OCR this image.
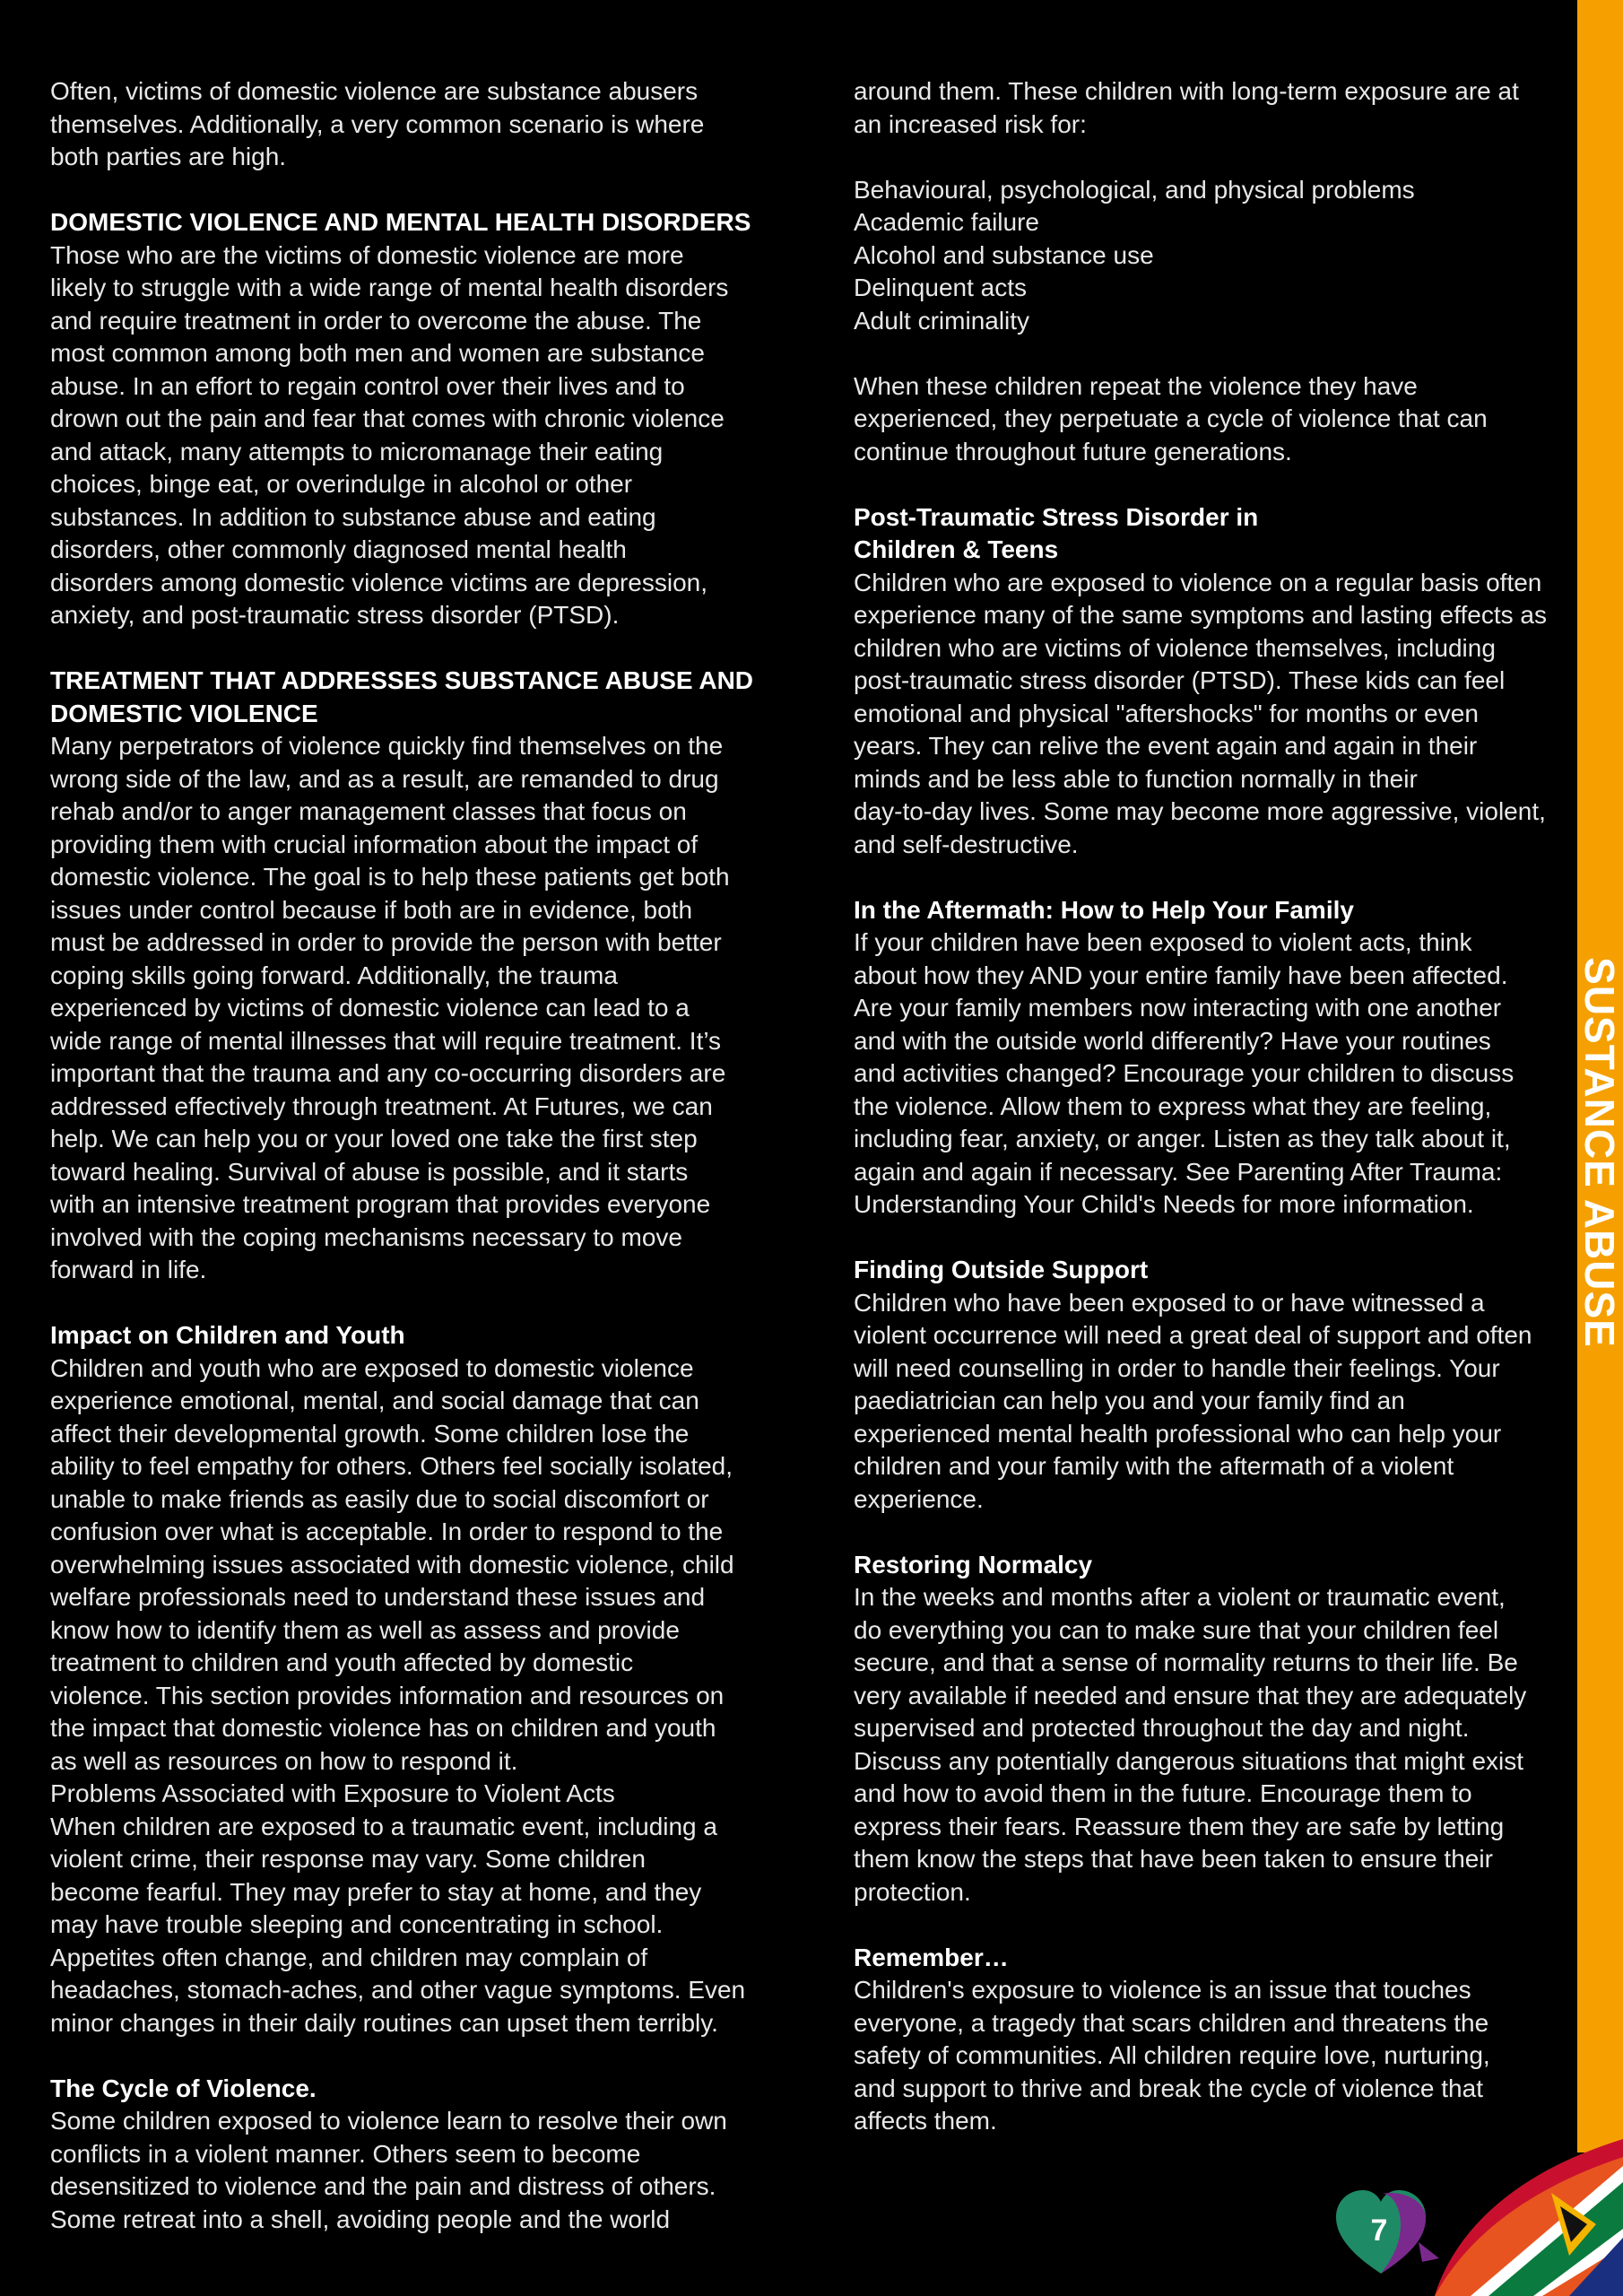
Often, victims of domestic violence are substance abusers
themselves. Additionally, a very common scenario is where
both parties are high.
DOMESTIC VIOLENCE AND MENTAL HEALTH DISORDERS
Those who are the victims of domestic violence are more
likely to struggle with a wide range of mental health disorders
and require treatment in order to overcome the abuse. The
most common among both men and women are substance
abuse. In an effort to regain control over their lives and to
drown out the pain and fear that comes with chronic violence
and attack, many attempts to micromanage their eating
choices, binge eat, or overindulge in alcohol or other
substances. In addition to substance abuse and eating
disorders, other commonly diagnosed mental health
disorders among domestic violence victims are depression,
anxiety, and post-traumatic stress disorder (PTSD).
TREATMENT THAT ADDRESSES SUBSTANCE ABUSE AND
DOMESTIC VIOLENCE
Many perpetrators of violence quickly find themselves on the
wrong side of the law, and as a result, are remanded to drug
rehab and/or to anger management classes that focus on
providing them with crucial information about the impact of
domestic violence. The goal is to help these patients get both
issues under control because if both are in evidence, both
must be addressed in order to provide the person with better
coping skills going forward. Additionally, the trauma
experienced by victims of domestic violence can lead to a
wide range of mental illnesses that will require treatment. It’s
important that the trauma and any co-occurring disorders are
addressed effectively through treatment. At Futures, we can
help. We can help you or your loved one take the first step
toward healing. Survival of abuse is possible, and it starts
with an intensive treatment program that provides everyone
involved with the coping mechanisms necessary to move
forward in life.
Impact on Children and Youth
Children and youth who are exposed to domestic violence
experience emotional, mental, and social damage that can
affect their developmental growth. Some children lose the
ability to feel empathy for others. Others feel socially isolated,
unable to make friends as easily due to social discomfort or
confusion over what is acceptable. In order to respond to the
overwhelming issues associated with domestic violence, child
welfare professionals need to understand these issues and
know how to identify them as well as assess and provide
treatment to children and youth affected by domestic
violence. This section provides information and resources on
the impact that domestic violence has on children and youth
as well as resources on how to respond it.
Problems Associated with Exposure to Violent Acts
When children are exposed to a traumatic event, including a
violent crime, their response may vary. Some children
become fearful. They may prefer to stay at home, and they
may have trouble sleeping and concentrating in school.
Appetites often change, and children may complain of
headaches, stomach-aches, and other vague symptoms. Even
minor changes in their daily routines can upset them terribly.
The Cycle of Violence.
Some children exposed to violence learn to resolve their own
conflicts in a violent manner. Others seem to become
desensitized to violence and the pain and distress of others.
Some retreat into a shell, avoiding people and the world
around them. These children with long-term exposure are at
an increased risk for:
Behavioural, psychological, and physical problems
Academic failure
Alcohol and substance use
Delinquent acts
Adult criminality
When these children repeat the violence they have
experienced, they perpetuate a cycle of violence that can
continue throughout future generations.
Post-Traumatic Stress Disorder in
Children & Teens
Children who are exposed to violence on a regular basis often
experience many of the same symptoms and lasting effects as
children who are victims of violence themselves, including
post-traumatic stress disorder (PTSD). These kids can feel
emotional and physical "aftershocks" for months or even
years. They can relive the event again and again in their
minds and be less able to function normally in their
day-to-day lives. Some may become more aggressive, violent,
and self-destructive.
In the Aftermath: How to Help Your Family
If your children have been exposed to violent acts, think
about how they AND your entire family have been affected.
Are your family members now interacting with one another
and with the outside world differently? Have your routines
and activities changed? Encourage your children to discuss
the violence. Allow them to express what they are feeling,
including fear, anxiety, or anger. Listen as they talk about it,
again and again if necessary. See Parenting After Trauma:
Understanding Your Child's Needs for more information.
Finding Outside Support
Children who have been exposed to or have witnessed a
violent occurrence will need a great deal of support and often
will need counselling in order to handle their feelings. Your
paediatrician can help you and your family find an
experienced mental health professional who can help your
children and your family with the aftermath of a violent
experience.
Restoring Normalcy
In the weeks and months after a violent or traumatic event,
do everything you can to make sure that your children feel
secure, and that a sense of normality returns to their life. Be
very available if needed and ensure that they are adequately
supervised and protected throughout the day and night.
Discuss any potentially dangerous situations that might exist
and how to avoid them in the future. Encourage them to
express their fears. Reassure them they are safe by letting
them know the steps that have been taken to ensure their
protection.
Remember…
Children's exposure to violence is an issue that touches
everyone, a tragedy that scars children and threatens the
safety of communities. All children require love, nurturing,
and support to thrive and break the cycle of violence that
affects them.
SUSTANCE ABUSE
7
